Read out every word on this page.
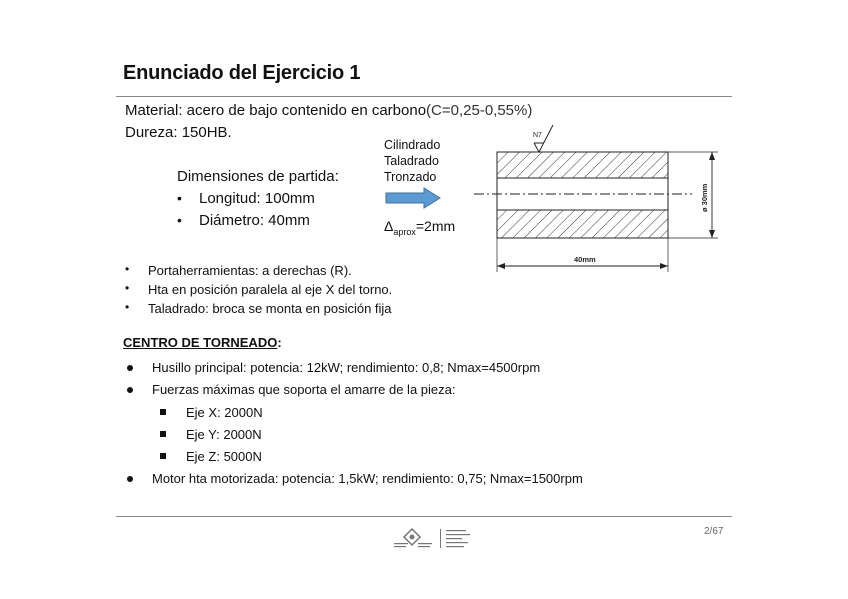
Enunciado del Ejercicio 1
Material: acero de bajo contenido en carbono(C=0,25-0,55%)
Dureza: 150HB.
Dimensiones de partida:
• Longitud: 100mm
• Diámetro: 40mm
Cilindrado
Taladrado
Tronzado
$\Delta_{aprox}=2mm$
N7
ø 30mm
40mm
• Portaherramientas: a derechas (R).
• Hta en posición paralela al eje X del torno.
• Taladrado: broca se monta en posición fija
CENTRO DE TORNEADO:
Husillo principal: potencia: 12kW; rendimiento: 0,8; Nmax=4500rpm
Fuerzas máximas que soporta el amarre de la pieza:
Eje X: 2000N
Eje Y: 2000N
Eje Z: 5000N
Motor hta motorizada: potencia: 1,5kW; rendimiento: 0,75; Nmax=1500rpm
2/67
